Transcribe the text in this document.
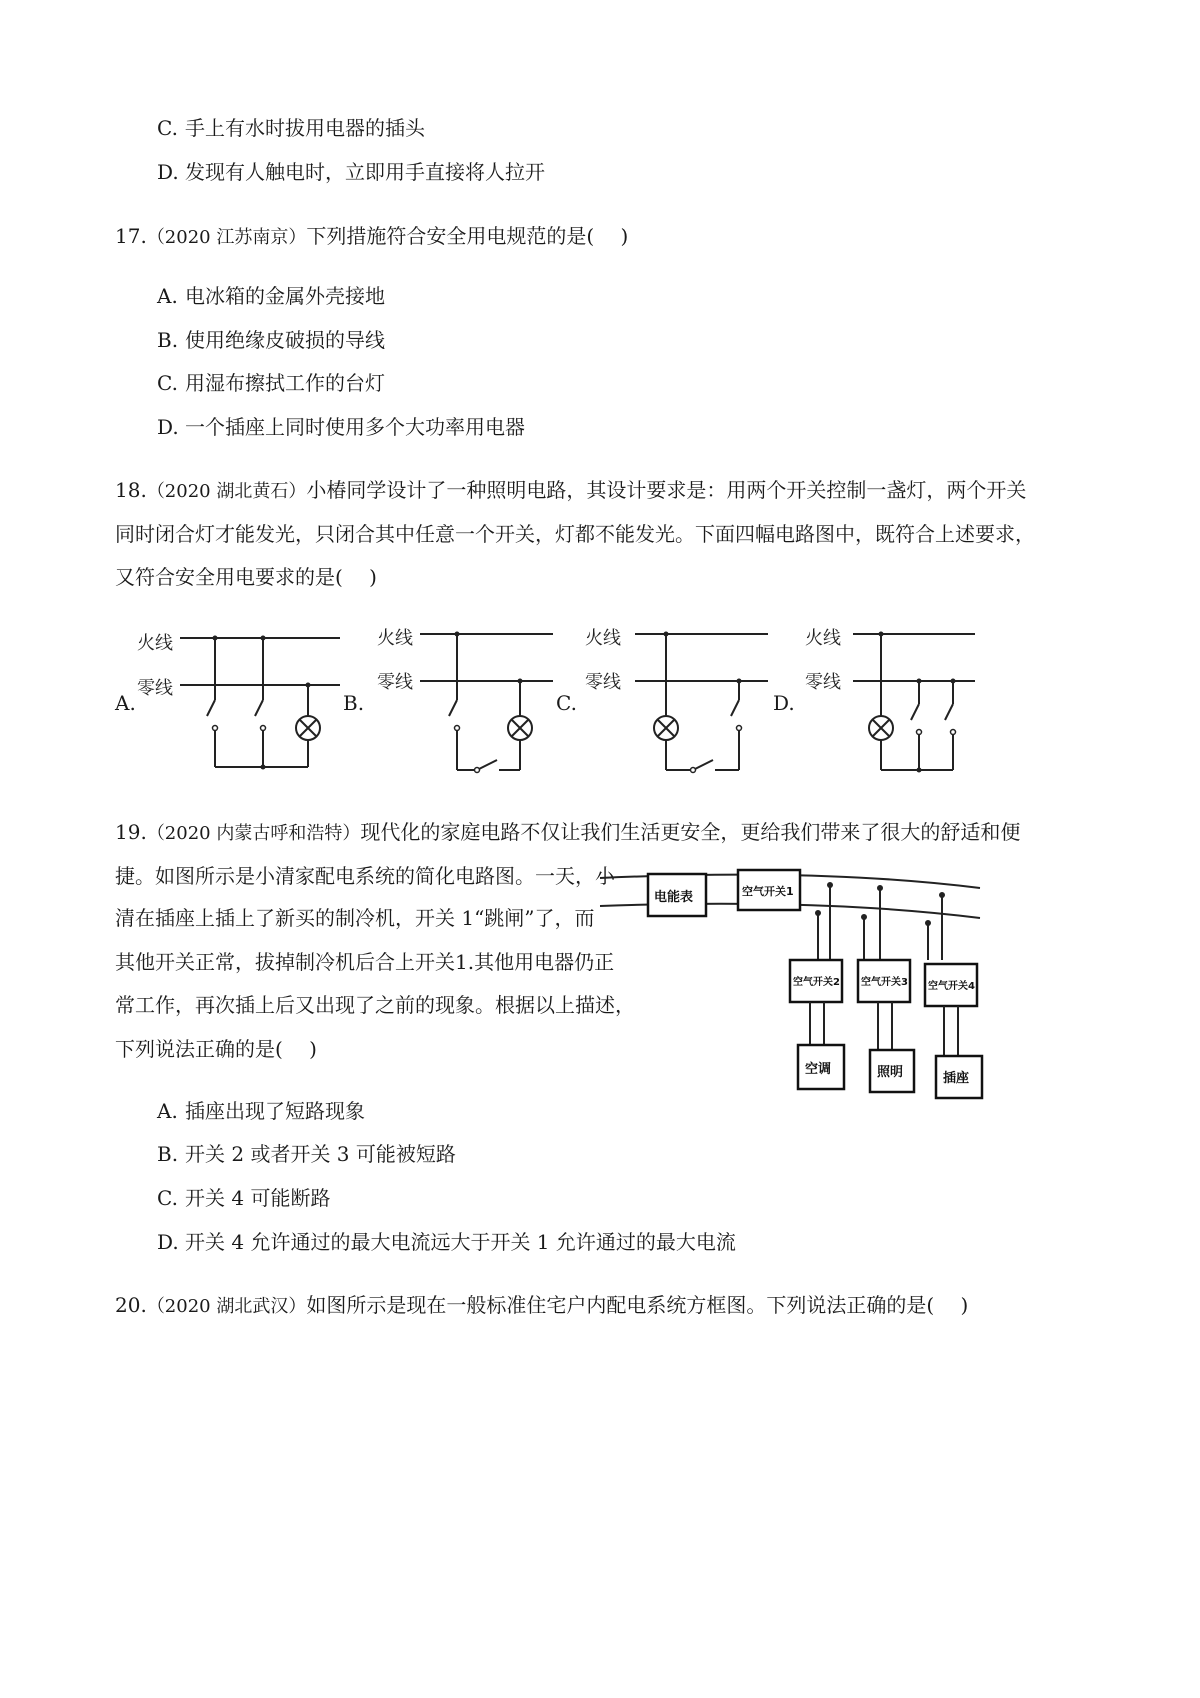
C. 手上有水时拔用电器的插头
D. 发现有人触电时，立即用手直接将人拉开
17.（2020 江苏南京）下列措施符合安全用电规范的是(　 )
A. 电冰箱的金属外壳接地
B. 使用绝缘皮破损的导线
C. 用湿布擦拭工作的台灯
D. 一个插座上同时使用多个大功率用电器
18.（2020 湖北黄石）小椿同学设计了一种照明电路，其设计要求是：用两个开关控制一盏灯，两个开关
同时闭合灯才能发光，只闭合其中任意一个开关，灯都不能发光。下面四幅电路图中，既符合上述要求，
又符合安全用电要求的是(　 )
A.	B.	C.	D.
火线
零线
火线
零线
火线
零线
火线
零线
19.（2020 内蒙古呼和浩特）现代化的家庭电路不仅让我们生活更安全，更给我们带来了很大的舒适和便
捷。如图所示是小清家配电系统的简化电路图。一天，小
清在插座上插上了新买的制冷机，开关 1“跳闸”了，而
其他开关正常，拔掉制冷机后合上开关1.其他用电器仍正
常工作，再次插上后又出现了之前的现象。根据以上描述，
下列说法正确的是(　 )
电能表	空气开关1
空气开关2 空气开关3 空气开关4
空调	照明	插座
A. 插座出现了短路现象
B. 开关 2 或者开关 3 可能被短路
C. 开关 4 可能断路
D. 开关 4 允许通过的最大电流远大于开关 1 允许通过的最大电流
20.（2020 湖北武汉）如图所示是现在一般标准住宅户内配电系统方框图。下列说法正确的是(　 )
